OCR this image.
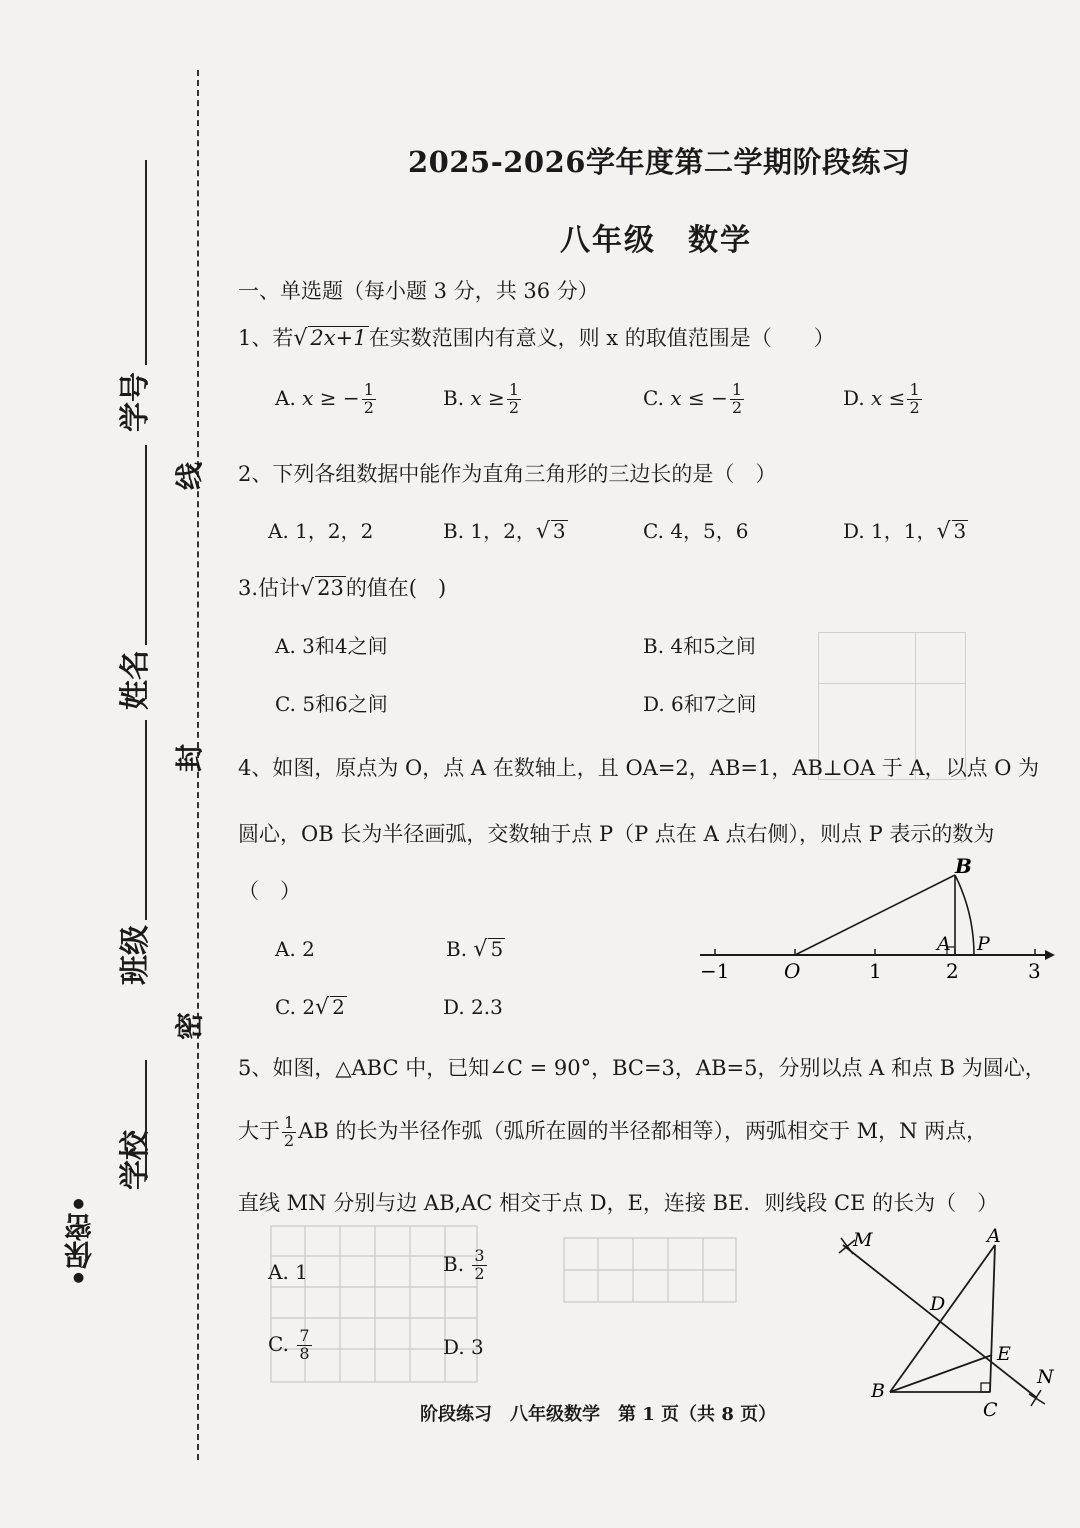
•保密•
学校
班级
姓名
学号
密
封
线
2025-2026学年度第二学期阶段练习
八年级　数学
一、单选题（每小题 3 分，共 36 分）
1、若√ 2x+1在实数范围内有意义，则 x 的取值范围是（　　）
A. x ≥ − $\frac{1}{2}$	B. $x \ge \frac{1}{2}$	C. x ≤ − $\frac{1}{2}$	D. $x \le \frac{1}{2}$
2、下列各组数据中能作为直角三角形的三边长的是（　）
A. 1，2，2	B. 1，2，√ 3	C. 4，5，6	D. 1，1，√ 3
3.估计√ 23的值在(　)
A. 3和4之间	B. 4和5之间
C. 5和6之间	D. 6和7之间
4、如图，原点为 O，点 A 在数轴上，且 OA=2，AB=1，AB⊥OA 于 A，以点 O 为
圆心，OB 长为半径画弧，交数轴于点 P（P 点在 A 点右侧），则点 P 表示的数为
（　）
A. 2	B. √ 5
C. 2√ 2	D. 2.3
−1	O	1	2	3
B
A P
5、如图，△ABC 中，已知∠C = 90°，BC=3，AB=5，分别以点 A 和点 B 为圆心，
大于 $\frac{1}{2}$ AB 的长为半径作弧（弧所在圆的半径都相等），两弧相交于 M，N 两点，
直线 MN 分别与边 AB,AC 相交于点 D，E，连接 BE．则线段 CE 的长为（　）
A. 1	B. $\frac{3}{2}$
C. $\frac{7}{8}$	D. 3
M	A
D
E
N
B
C
阶段练习　八年级数学　第 1 页（共 8 页）
